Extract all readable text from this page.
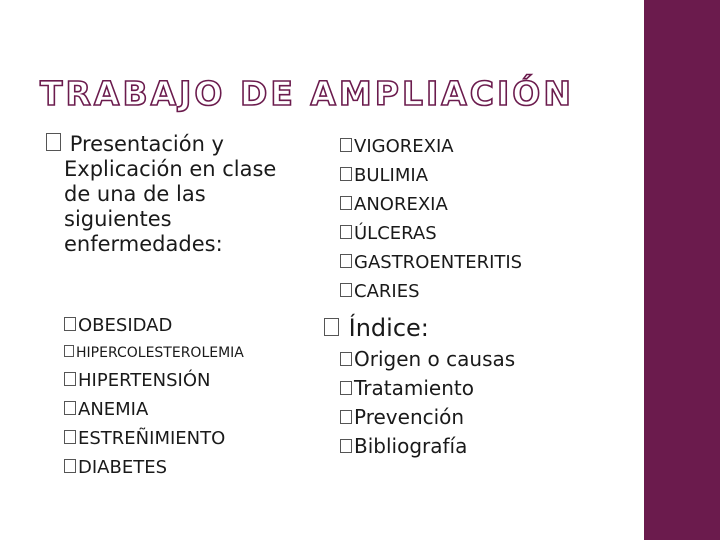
TRABAJO DE AMPLIACIÓN
Presentación y Explicación en clase de una de las siguientes enfermedades:
OBESIDAD
HIPERCOLESTEROLEMIA
HIPERTENSIÓN
ANEMIA
ESTREÑIMIENTO
DIABETES
VIGOREXIA
BULIMIA
ANOREXIA
ÚLCERAS
GASTROENTERITIS
CARIES
Índice:
Origen o causas
Tratamiento
Prevención
Bibliografía
